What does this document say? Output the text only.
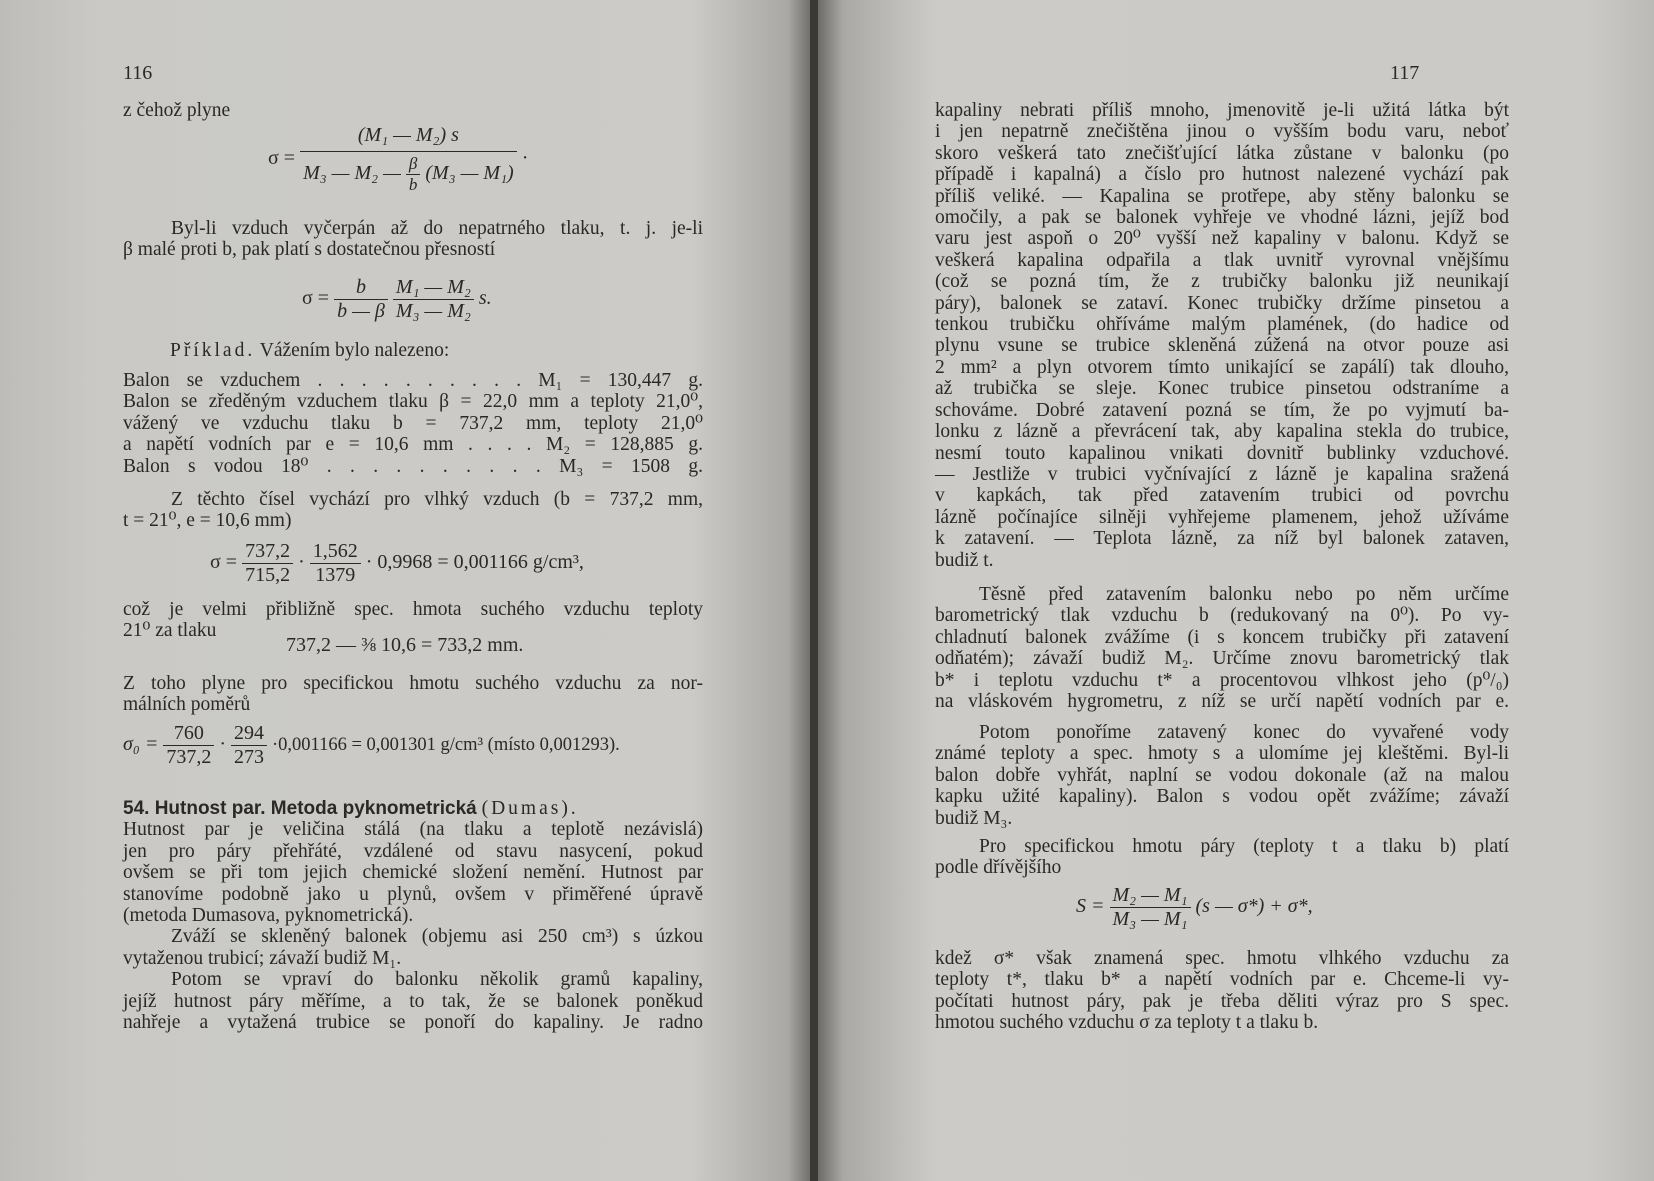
116
z čehož plyne
σ =
(M₁ — M₂) s
M₃ — M₂ — $\frac{\beta}{b} (M_3$ — M₁)
·
Byl-li vzduch vyčerpán až do nepatrného tlaku, t. j. je-li
β malé proti b, pak platí s dostatečnou přesností
$\sigma = \frac{b}{b — \beta}$
$\frac{\text{M₁ — M₂}}{\text{M₃ — M₂}} s$.
Příklad. Vážením bylo nalezeno:
Balon se vzduchem . . . . . . . . . . M₁ = 130,447 g.
Balon se zředěným vzduchem tlaku β = 22,0 mm a teploty 21,0⁰,
vážený ve vzduchu tlaku b = 737,2 mm, teploty 21,0⁰
a napětí vodních par e = 10,6 mm . . . . M₂ = 128,885 g.
Balon s vodou 18⁰ . . . . . . . . . . M₃ = 1508 g.
Z těchto čísel vychází pro vlhký vzduch (b = 737,2 mm,
t = 21⁰, e = 10,6 mm)
$\sigma = \frac{737,2}{715,2} \cdot \frac{1,562}{1379} \cdot 0,9968 = 0,001166$ g/cm³,
což je velmi přibližně spec. hmota suchého vzduchu teploty
21⁰ za tlaku
737,2 — ⅜ 10,6 = 733,2 mm.
Z toho plyne pro specifickou hmotu suchého vzduchu za nor-
málních poměrů
$\sigma_0 = \frac{760}{737,2} \cdot \frac{294}{273} \cdot 0,001166 = 0,001301$ g/cm³ (místo 0,001293).
54. Hutnost par. Metoda pyknometrická (Dumas).
Hutnost par je veličina stálá (na tlaku a teplotě nezávislá)
jen pro páry přehřáté, vzdálené od stavu nasycení, pokud
ovšem se při tom jejich chemické složení nemění. Hutnost par
stanovíme podobně jako u plynů, ovšem v přiměřené úpravě
(metoda Dumasova, pyknometrická).
Zváží se skleněný balonek (objemu asi 250 cm³) s úzkou
vytaženou trubicí; závaží budiž M₁.
Potom se vpraví do balonku několik gramů kapaliny,
jejíž hutnost páry měříme, a to tak, že se balonek poněkud
nahřeje a vytažená trubice se ponoří do kapaliny. Je radno
117
kapaliny nebrati příliš mnoho, jmenovitě je-li užitá látka být
i jen nepatrně znečištěna jinou o vyšším bodu varu, neboť
skoro veškerá tato znečišťující látka zůstane v balonku (po
případě i kapalná) a číslo pro hutnost nalezené vychází pak
příliš veliké. — Kapalina se protřepe, aby stěny balonku se
omočily, a pak se balonek vyhřeje ve vhodné lázni, jejíž bod
varu jest aspoň o 20⁰ vyšší než kapaliny v balonu. Když se
veškerá kapalina odpařila a tlak uvnitř vyrovnal vnějšímu
(což se pozná tím, že z trubičky balonku již neunikají
páry), balonek se zataví. Konec trubičky držíme pinsetou a
tenkou trubičku ohříváme malým plamének, (do hadice od
plynu vsune se trubice skleněná zúžená na otvor pouze asi
2 mm² a plyn otvorem tímto unikající se zapálí) tak dlouho,
až trubička se sleje. Konec trubice pinsetou odstraníme a
schováme. Dobré zatavení pozná se tím, že po vyjmutí ba-
lonku z lázně a převrácení tak, aby kapalina stekla do trubice,
nesmí touto kapalinou vnikati dovnitř bublinky vzduchové.
— Jestliže v trubici vyčnívající z lázně je kapalina sražená
v kapkách, tak před zatavením trubici od povrchu
lázně počínajíce silněji vyhřejeme plamenem, jehož užíváme
k zatavení. — Teplota lázně, za níž byl balonek zataven,
budiž t.
Těsně před zatavením balonku nebo po něm určíme
barometrický tlak vzduchu b (redukovaný na 0⁰). Po vy-
chladnutí balonek zvážíme (i s koncem trubičky při zatavení
odňatém); závaží budiž M₂. Určíme znovu barometrický tlak
b* i teplotu vzduchu t* a procentovou vlhkost jeho (p⁰/₀)
na vláskovém hygrometru, z níž se určí napětí vodních par e.
Potom ponoříme zatavený konec do vyvařené vody
známé teploty a spec. hmoty s a ulomíme jej kleštěmi. Byl-li
balon dobře vyhřát, naplní se vodou dokonale (až na malou
kapku užité kapaliny). Balon s vodou opět zvážíme; závaží
budiž M₃.
Pro specifickou hmotu páry (teploty t a tlaku b) platí
podle dřívějšího
$S = \frac{\text{M₂ — M₁}}{\text{M₃ — M₁}} (s$ — σ*) + σ*,
kdež σ* však znamená spec. hmotu vlhkého vzduchu za
teploty t*, tlaku b* a napětí vodních par e. Chceme-li vy-
počítati hutnost páry, pak je třeba děliti výraz pro S spec.
hmotou suchého vzduchu σ za teploty t a tlaku b.
